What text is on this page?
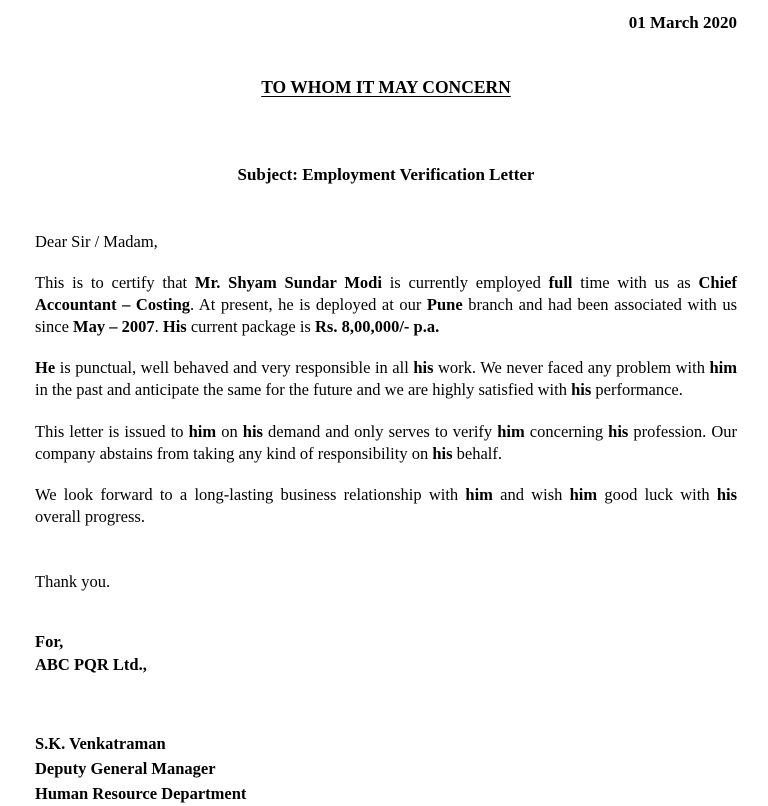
01 March 2020
TO WHOM IT MAY CONCERN
Subject: Employment Verification Letter
Dear Sir / Madam,

This is to certify that Mr. Shyam Sundar Modi is currently employed full time with us as Chief Accountant – Costing. At present, he is deployed at our Pune branch and had been associated with us since May – 2007. His current package is Rs. 8,00,000/- p.a.

He is punctual, well behaved and very responsible in all his work. We never faced any problem with him in the past and anticipate the same for the future and we are highly satisfied with his performance.

This letter is issued to him on his demand and only serves to verify him concerning his profession. Our company abstains from taking any kind of responsibility on his behalf.

We look forward to a long-lasting business relationship with him and wish him good luck with his overall progress.

Thank you.
For,
ABC PQR Ltd.,
S.K. Venkatraman
Deputy General Manager
Human Resource Department
